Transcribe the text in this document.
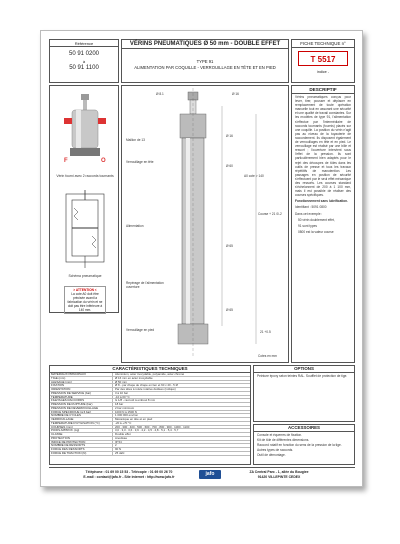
Référence
50 91 0200
à
50 91 1100
VÉRINS PNEUMATIQUES Ø 50 mm - DOUBLE EFFET
TYPE 91
ALIMENTATION PAR COQUILLE - VERROUILLAGE EN TÊTE ET EN PIED
FICHE TECHNIQUE n°
T 5517
indice -
F	O
Vérin fourni avec 2 raccords tournants
Schéma pneumatique
> ATTENTION <
La cote A0 doit être précisée avant la fabrication du vérin et ne doit pas être inférieure à 140 mm.
Ø 8.1	Ø 16
Ø 16
Ø 60
Ø 65
Ø 65
Maillon de 13
Verrouillage en tête
Alimentation
Repérage de l'alimentation ouverture
Verrouillage en pied
A0 cote > 140
Course + 21 0/-2
21 +0.5
Cotes en mm
DESCRIPTIF
Vérins pneumatiques conçus pour lever, tirer, pousser et déplacer en remplacement de toute opération manuelle tout en assurant une sécurité et une qualité de travail constantes. Sur les modèles de type 91, l'alimentation s'effectue par l'intermédiaire de raccords tournants (fournis) placés sur une coquille. La position du vérin n'agit pas au niveau de la tuyauterie de raccordement. Ils disposent également de verrouillages en tête et en pied. Le verrouillage est réalisé par une bille et ressort ; l'ouverture intervient sous l'effet de la pression. Ils sont particulièrement bien adaptés pour le rejet des découpes de tôles dans les outils de presse et tous les travaux répétitifs de manutention. Les passages en position de sécurité s'effectuent par le seul effet mécanique des ressorts. Les courses standard s'échelonnent de 200 à 1 100 mm, mais il est possible de réaliser des courses spécifiques.
Fonctionnement sans lubrification.
Identifiant : 5091 0800
Dans cet exemple :
50 vérin doublement effet,
91 sont types
0800 est la valeur course
CARACTÉRISTIQUES TECHNIQUES
MATÉRIAUX PRINCIPAUX	Aluminium, acier inoxydable, polyamide, acier chromé
TIGE (mm)	Ø 16 mm en acier inoxydable
ALÉSAGE (mm)	Ø 50 mm
FIXATION	Ø 8 - par chape de chape en lien et 60 x 40 - 5 Ø
ORIENTATION	Par des têtes à rotule rotative dédiées (indiqué)
PRESSION DE SERVICE (bar)	3 à 10 bar
TEMPÉRATURE	-10 à 60 °C
FILETAGES RACCORDS	G 1/8 - raccord à embout 8 mm
PRESSION DE RUPTURE (bar)	18 bar
PRESSION DE DÉVERROUILLAGE	2 bar minimum
FORCE SPÉCIFIQUE (à 6 bar)	1000 N à 1500 N
NOMBRE DE CYCLES	1 000 000 environ
VERROUILLAGE	Mécanique en tête et en pied
TEMPÉRATURE D'UTILISATION (°C)	-20 à +70 °C
COURSES (mm)	200 · 300 · 400 · 500 · 600 · 700 · 800 · 900 · 1000 · 1100
POIDS APPROX. (kg)	3,0 · 3,3 · 3,6 · 3,9 · 4,2 · 4,5 · 4,8 · 5,1 · 5,4 · 5,7
CLASSE	Double effet
PROTECTION	Anodisée
INDICE DE PROTECTION	IP 54
NOMBRE DE RESSORTS	2
FORCE DES RESSORTS	90 N
FORCE DE TRACTION (N)	25 daN
OPTIONS
Peinture époxy selon teintes RAL. Soufflet de protection de tige.
ACCESSOIRES
Console et équerres de fixation.
Kit de tôle de différentes dimensions.
Raccord rotatif en fonction du sens de la pression de la tige.
Autres types de raccords.
Outil de démontage.
Téléphone : 01 69 00 15 53 - Télécopie : 01 69 00 26 70
E-mail : contact@jafo.fr - Site internet : http://www.jafo.fr	jafo	ZA Central Parc - 1, allée du Bougiee
91420 VILLEPINTE CEDEX
